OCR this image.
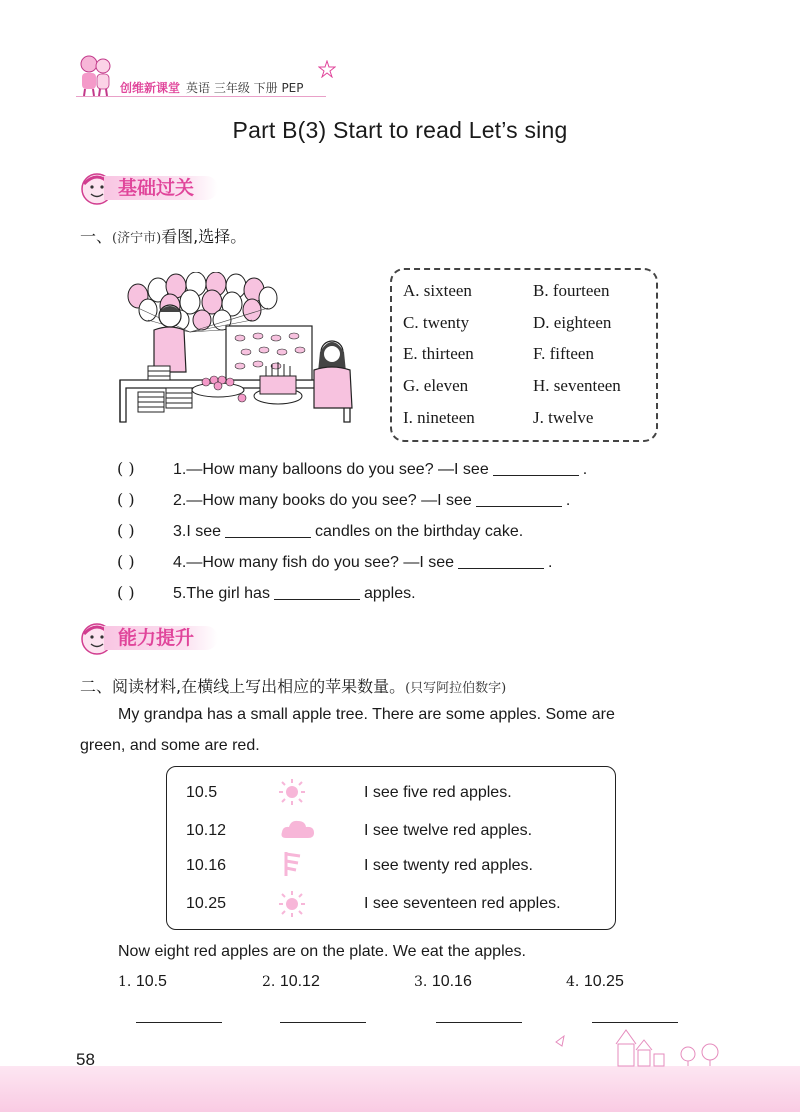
创维新课堂 英语 三年级 下册 PEP
Part B(3) Start to read Let’s sing
基础过关
一、(济宁市)看图,选择。
A. sixteen	B. fourteen
C. twenty	D. eighteen
E. thirteen	F. fifteen
G. eleven	H. seventeen
I. nineteen	J. twelve
( ) 1.—How many balloons do you see? —I see	.
( ) 2.—How many books do you see? —I see	.
( ) 3.I see	candles on the birthday cake.
( ) 4.—How many fish do you see? —I see	.
( ) 5.The girl has	apples.
能力提升
二、阅读材料,在横线上写出相应的苹果数量。(只写阿拉伯数字)
My grandpa has a small apple tree. There are some apples. Some are
green, and some are red.
10.5	I see five red apples.
10.12	I see twelve red apples.
10.16	I see twenty red apples.
10.25	I see seventeen red apples.
Now eight red apples are on the plate. We eat the apples.
1. 10.5	2. 10.12	3. 10.16	4. 10.25
58
